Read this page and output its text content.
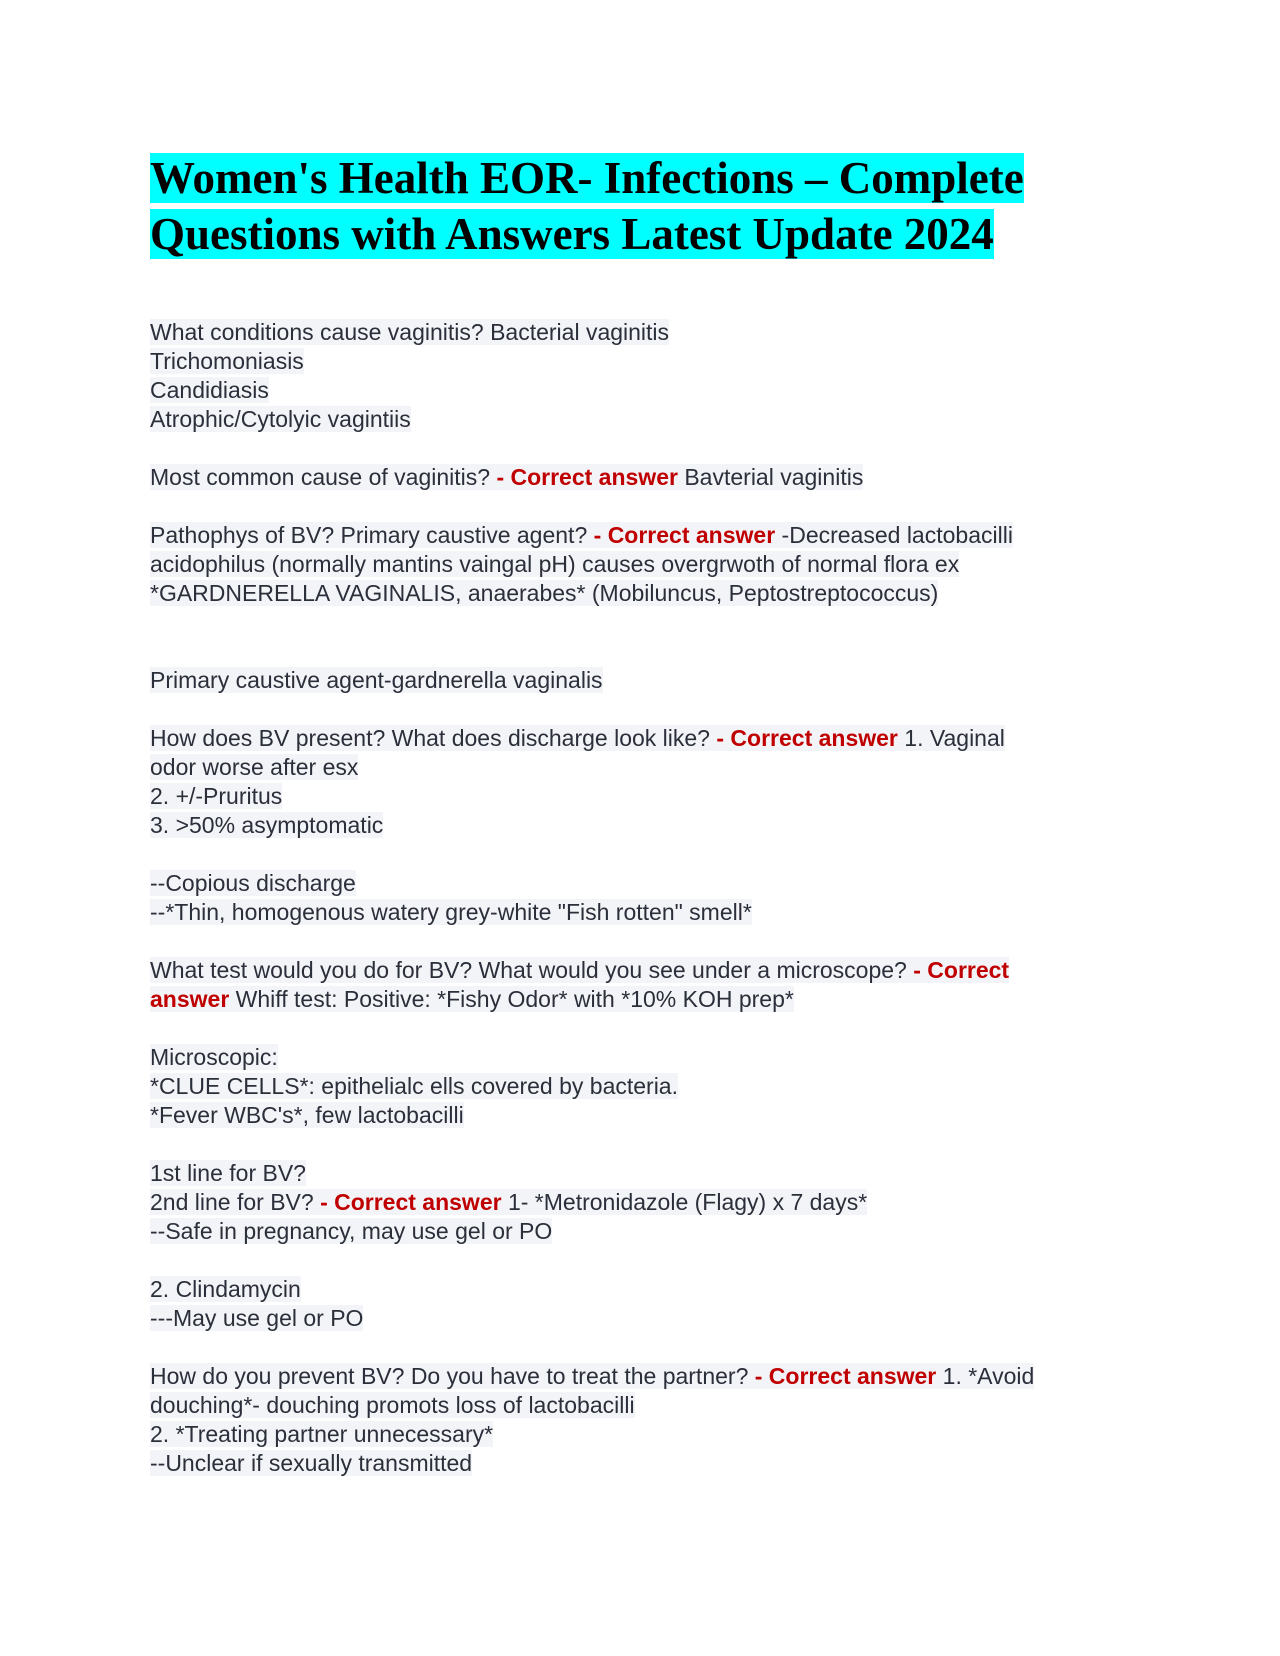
Women's Health EOR- Infections – Complete
Questions with Answers Latest Update 2024
What conditions cause vaginitis? Bacterial vaginitis
Trichomoniasis
Candidiasis
Atrophic/Cytolyic vagintiis
Most common cause of vaginitis? - Correct answer Bavterial vaginitis
Pathophys of BV? Primary caustive agent? - Correct answer -Decreased lactobacilli
acidophilus (normally mantins vaingal pH) causes overgrwoth of normal flora ex
*GARDNERELLA VAGINALIS, anaerabes* (Mobiluncus, Peptostreptococcus)
Primary caustive agent-gardnerella vaginalis
How does BV present? What does discharge look like? - Correct answer 1. Vaginal
odor worse after esx
2. +/-Pruritus
3. >50% asymptomatic
--Copious discharge
--*Thin, homogenous watery grey-white "Fish rotten" smell*
What test would you do for BV? What would you see under a microscope? - Correct
answer Whiff test: Positive: *Fishy Odor* with *10% KOH prep*
Microscopic:
*CLUE CELLS*: epithelialc ells covered by bacteria.
*Fever WBC's*, few lactobacilli
1st line for BV?
2nd line for BV? - Correct answer 1- *Metronidazole (Flagy) x 7 days*
--Safe in pregnancy, may use gel or PO
2. Clindamycin
---May use gel or PO
How do you prevent BV? Do you have to treat the partner? - Correct answer 1. *Avoid
douching*- douching promots loss of lactobacilli
2. *Treating partner unnecessary*
--Unclear if sexually transmitted
